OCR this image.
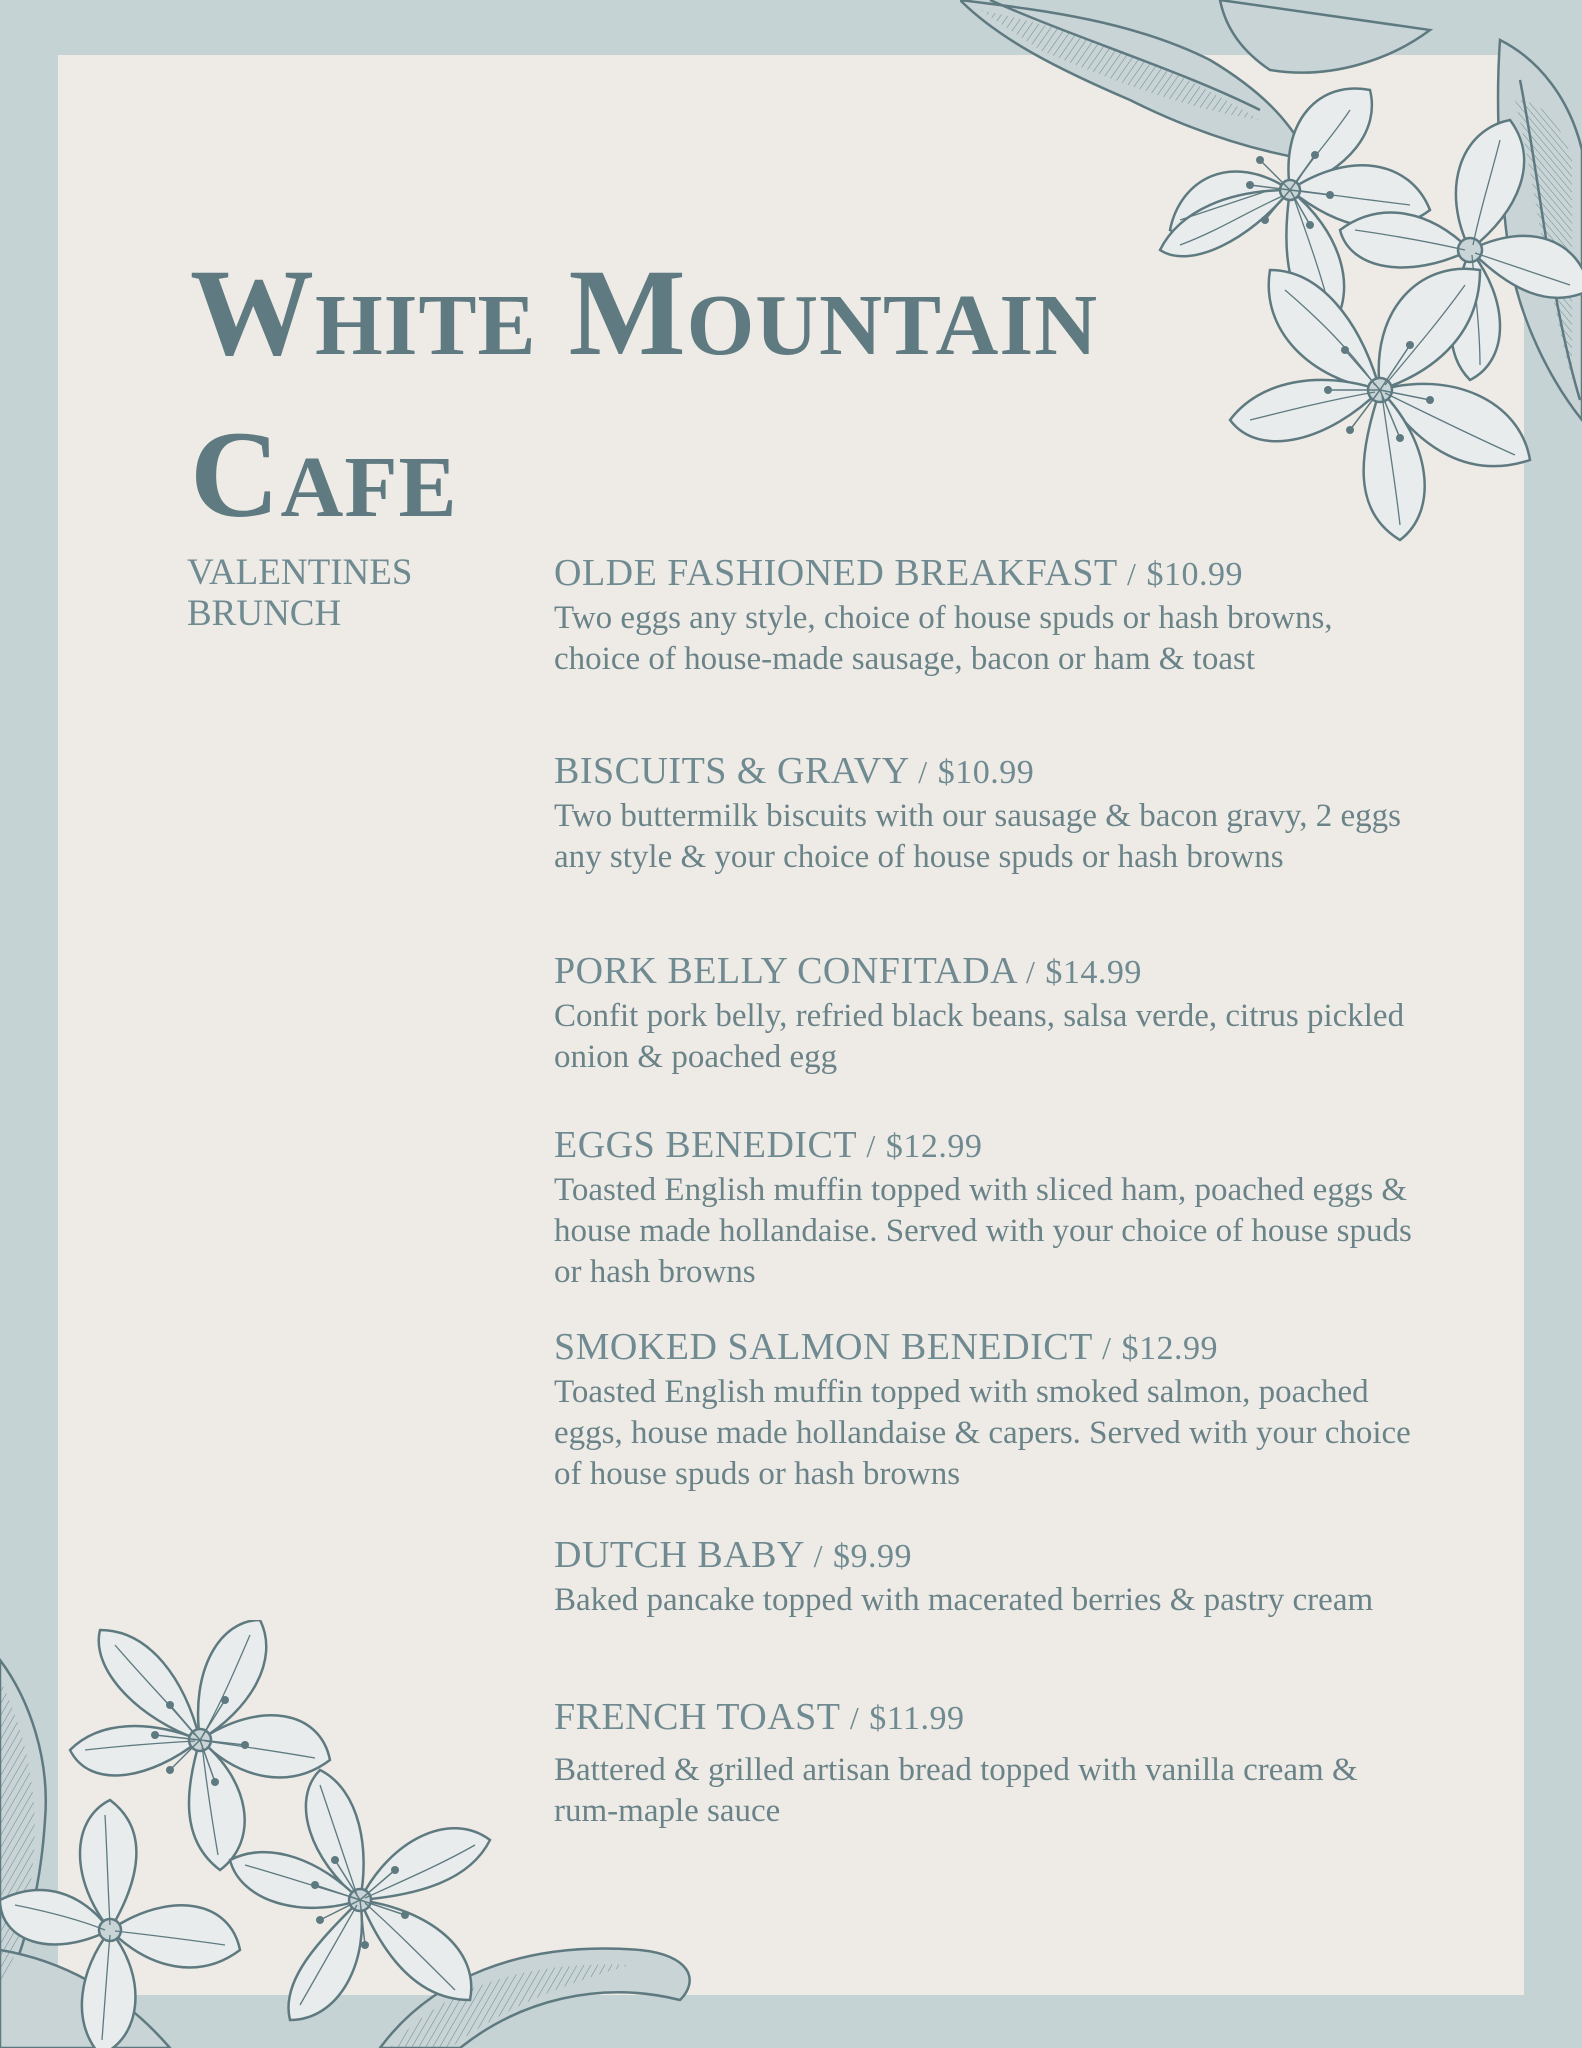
White Mountain
Cafe

VALENTINES
BRUNCH

OLDE FASHIONED BREAKFAST / $10.99

Two eggs any style, choice of house spuds or hash browns, choice of house-made sausage, bacon or ham & toast

BISCUITS & GRAVY / $10.99

Two buttermilk biscuits with our sausage & bacon gravy, 2 eggs any style & your choice of house spuds or hash browns

PORK BELLY CONFITADA / $14.99

Confit pork belly, refried black beans, salsa verde, citrus pickled onion & poached egg

EGGS BENEDICT / $12.99

Toasted English muffin topped with sliced ham, poached eggs & house made hollandaise. Served with your choice of house spuds or hash browns

SMOKED SALMON BENEDICT / $12.99

Toasted English muffin topped with smoked salmon, poached eggs, house made hollandaise & capers. Served with your choice of house spuds or hash browns

DUTCH BABY / $9.99

Baked pancake topped with macerated berries & pastry cream

FRENCH TOAST / $11.99

Battered & grilled artisan bread topped with vanilla cream & rum-maple sauce
